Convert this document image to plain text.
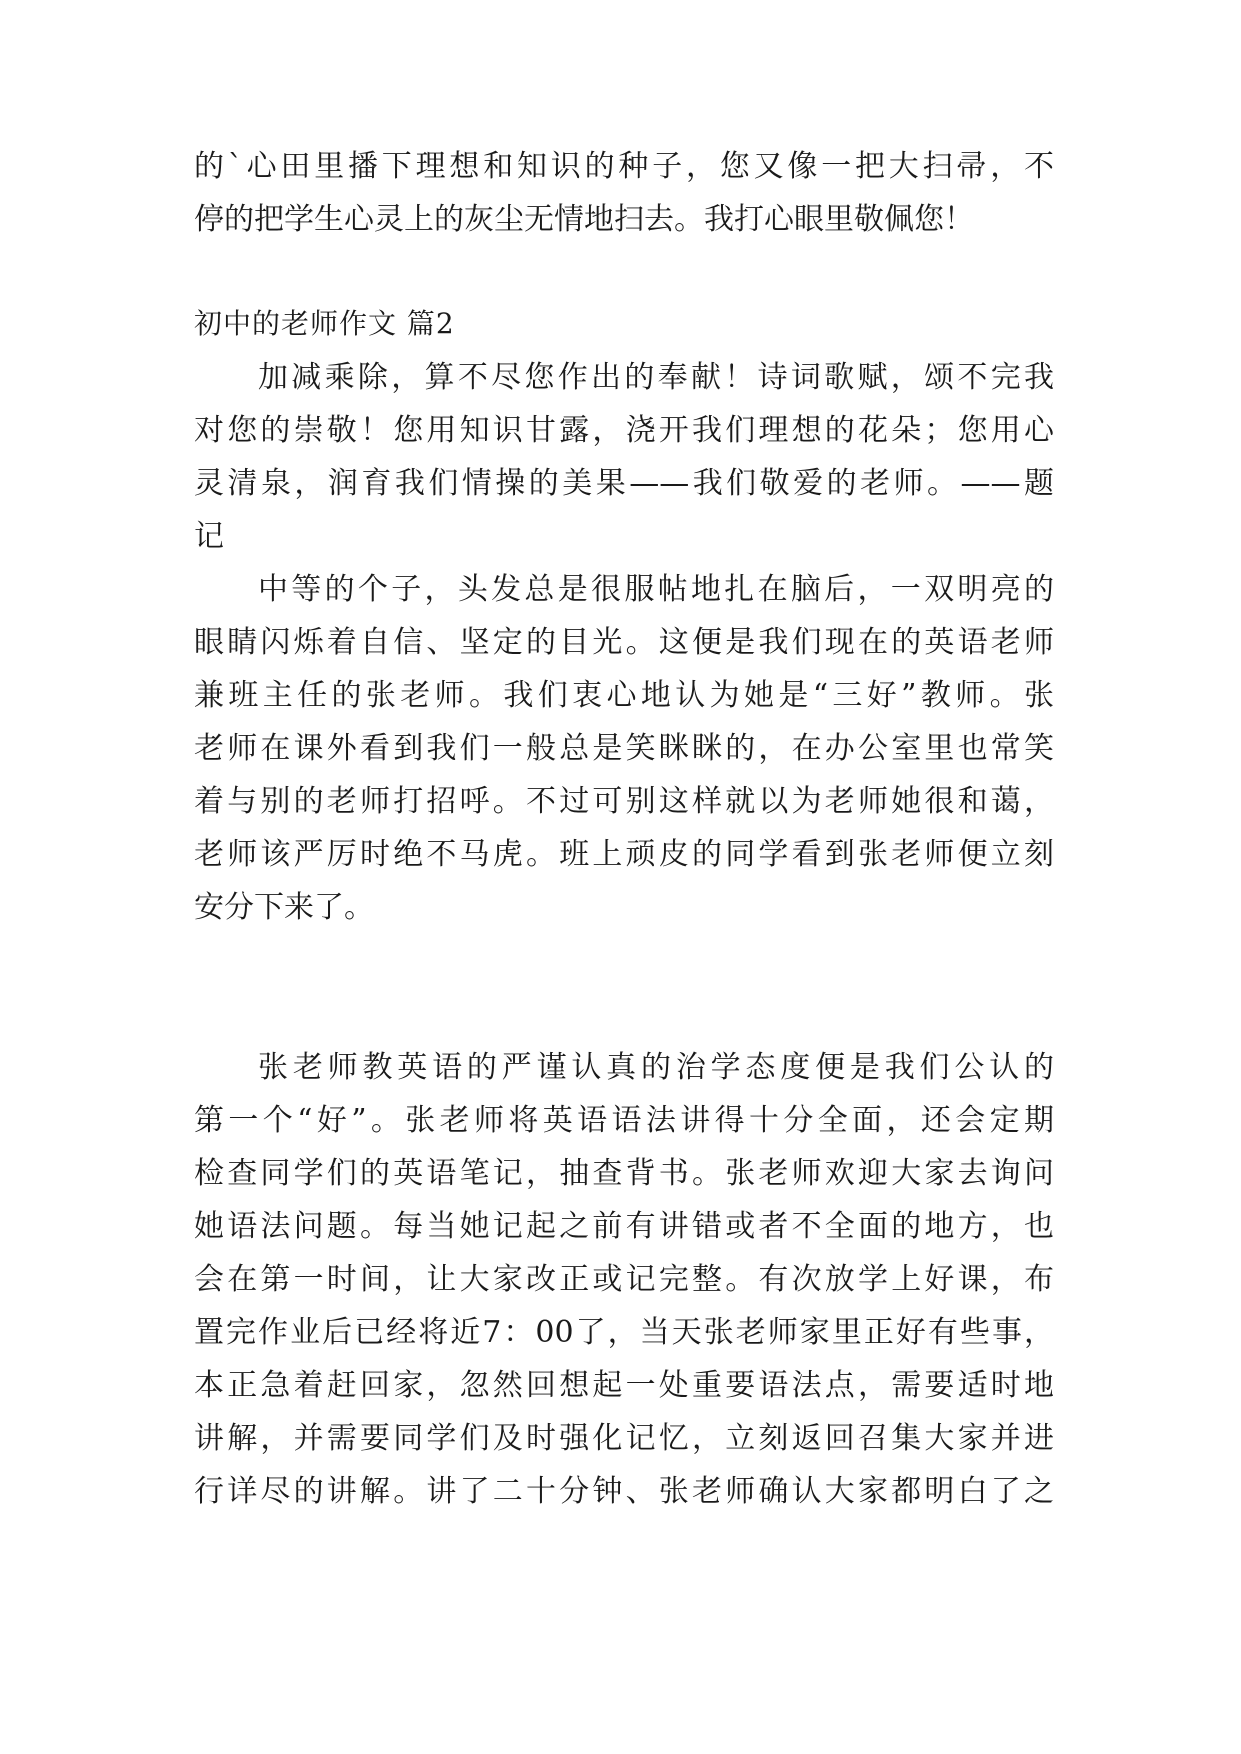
的`心田里播下理想和知识的种子，您又像一把大扫帚，不
停的把学生心灵上的灰尘无情地扫去。我打心眼里敬佩您！
初中的老师作文 篇2
加减乘除，算不尽您作出的奉献！诗词歌赋，颂不完我
对您的崇敬！您用知识甘露，浇开我们理想的花朵；您用心
灵清泉，润育我们情操的美果——我们敬爱的老师。——题
记
中等的个子，头发总是很服帖地扎在脑后，一双明亮的
眼睛闪烁着自信、坚定的目光。这便是我们现在的英语老师
兼班主任的张老师。我们衷心地认为她是“三好”教师。张
老师在课外看到我们一般总是笑眯眯的，在办公室里也常笑
着与别的老师打招呼。不过可别这样就以为老师她很和蔼，
老师该严厉时绝不马虎。班上顽皮的同学看到张老师便立刻
安分下来了。
张老师教英语的严谨认真的治学态度便是我们公认的
第一个“好”。张老师将英语语法讲得十分全面，还会定期
检查同学们的英语笔记，抽查背书。张老师欢迎大家去询问
她语法问题。每当她记起之前有讲错或者不全面的地方，也
会在第一时间，让大家改正或记完整。有次放学上好课，布
置完作业后已经将近7：00了，当天张老师家里正好有些事，
本正急着赶回家，忽然回想起一处重要语法点，需要适时地
讲解，并需要同学们及时强化记忆，立刻返回召集大家并进
行详尽的讲解。讲了二十分钟、张老师确认大家都明白了之
